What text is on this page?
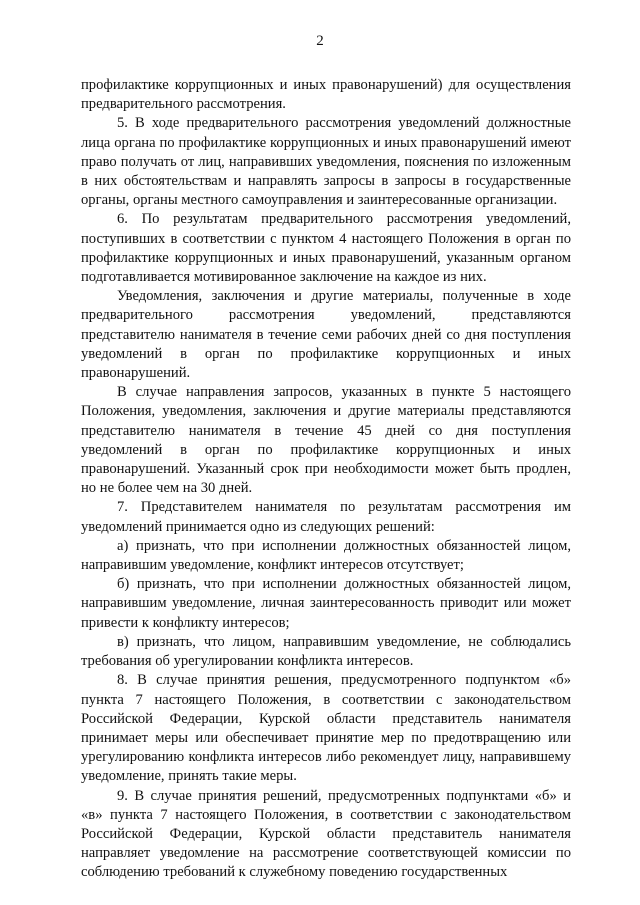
2

профилактике коррупционных и иных правонарушений) для осуществления предварительного рассмотрения.

5. В ходе предварительного рассмотрения уведомлений должностные лица органа по профилактике коррупционных и иных правонарушений имеют право получать от лиц, направивших уведомления, пояснения по изложенным в них обстоятельствам и направлять запросы в запросы в государственные органы, органы местного самоуправления и заинтересованные организации.

6. По результатам предварительного рассмотрения уведомлений, поступивших в соответствии с пунктом 4 настоящего Положения в орган по профилактике коррупционных и иных правонарушений, указанным органом подготавливается мотивированное заключение на каждое из них.

Уведомления, заключения и другие материалы, полученные в ходе предварительного рассмотрения уведомлений, представляются представителю нанимателя в течение семи рабочих дней со дня поступления уведомлений в орган по профилактике коррупционных и иных правонарушений.

В случае направления запросов, указанных в пункте 5 настоящего Положения, уведомления, заключения и другие материалы представляются представителю нанимателя в течение 45 дней со дня поступления уведомлений в орган по профилактике коррупционных и иных правонарушений. Указанный срок при необходимости может быть продлен, но не более чем на 30 дней.

7. Представителем нанимателя по результатам рассмотрения им уведомлений принимается одно из следующих решений:

а) признать, что при исполнении должностных обязанностей лицом, направившим уведомление, конфликт интересов отсутствует;

б) признать, что при исполнении должностных обязанностей лицом, направившим уведомление, личная заинтересованность приводит или может привести к конфликту интересов;

в) признать, что лицом, направившим уведомление, не соблюдались требования об урегулировании конфликта интересов.

8. В случае принятия решения, предусмотренного подпунктом «б» пункта 7 настоящего Положения, в соответствии с законодательством Российской Федерации, Курской области представитель нанимателя принимает меры или обеспечивает принятие мер по предотвращению или урегулированию конфликта интересов либо рекомендует лицу, направившему уведомление, принять такие меры.

9. В случае принятия решений, предусмотренных подпунктами «б» и «в» пункта 7 настоящего Положения, в соответствии с законодательством Российской Федерации, Курской области представитель нанимателя направляет уведомление на рассмотрение соответствующей комиссии по соблюдению требований к служебному поведению государственных
